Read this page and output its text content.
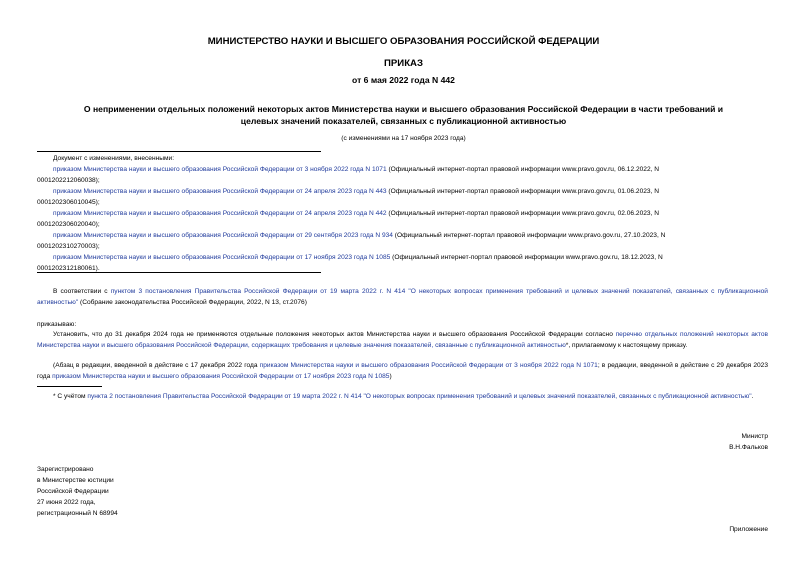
МИНИСТЕРСТВО НАУКИ И ВЫСШЕГО ОБРАЗОВАНИЯ РОССИЙСКОЙ ФЕДЕРАЦИИ
ПРИКАЗ
от 6 мая 2022 года N 442
О неприменении отдельных положений некоторых актов Министерства науки и высшего образования Российской Федерации в части требований и целевых значений показателей, связанных с публикационной активностью
(с изменениями на 17 ноября 2023 года)
Документ с изменениями, внесенными:
приказом Министерства науки и высшего образования Российской Федерации от 3 ноября 2022 года N 1071 (Официальный интернет-портал правовой информации www.pravo.gov.ru, 06.12.2022, N
0001202212060038);
приказом Министерства науки и высшего образования Российской Федерации от 24 апреля 2023 года N 443 (Официальный интернет-портал правовой информации www.pravo.gov.ru, 01.06.2023, N
0001202306010045);
приказом Министерства науки и высшего образования Российской Федерации от 24 апреля 2023 года N 442 (Официальный интернет-портал правовой информации www.pravo.gov.ru, 02.06.2023, N
0001202306020040);
приказом Министерства науки и высшего образования Российской Федерации от 29 сентября 2023 года N 934 (Официальный интернет-портал правовой информации www.pravo.gov.ru, 27.10.2023, N
0001202310270003);
приказом Министерства науки и высшего образования Российской Федерации от 17 ноября 2023 года N 1085 (Официальный интернет-портал правовой информации www.pravo.gov.ru, 18.12.2023, N
0001202312180061).
В соответствии с пунктом 3 постановления Правительства Российской Федерации от 19 марта 2022 г. N 414 "О некоторых вопросах применения требований и целевых значений показателей, связанных с публикационной активностью" (Собрание законодательства Российской Федерации, 2022, N 13, ст.2076)
приказываю:
Установить, что до 31 декабря 2024 года не применяются отдельные положения некоторых актов Министерства науки и высшего образования Российской Федерации согласно перечню отдельных положений некоторых актов Министерства науки и высшего образования Российской Федерации, содержащих требования и целевые значения показателей, связанные с публикационной активностью*, прилагаемому к настоящему приказу.
(Абзац в редакции, введенной в действие с 17 декабря 2022 года приказом Министерства науки и высшего образования Российской Федерации от 3 ноября 2022 года N 1071; в редакции, введенной в действие с 29 декабря 2023 года приказом Министерства науки и высшего образования Российской Федерации от 17 ноября 2023 года N 1085)
* С учётом пункта 2 постановления Правительства Российской Федерации от 19 марта 2022 г. N 414 "О некоторых вопросах применения требований и целевых значений показателей, связанных с публикационной активностью".
Министр
В.Н.Фальков
Зарегистрировано
в Министерстве юстиции
Российской Федерации
27 июня 2022 года,
регистрационный N 68994
Приложение
